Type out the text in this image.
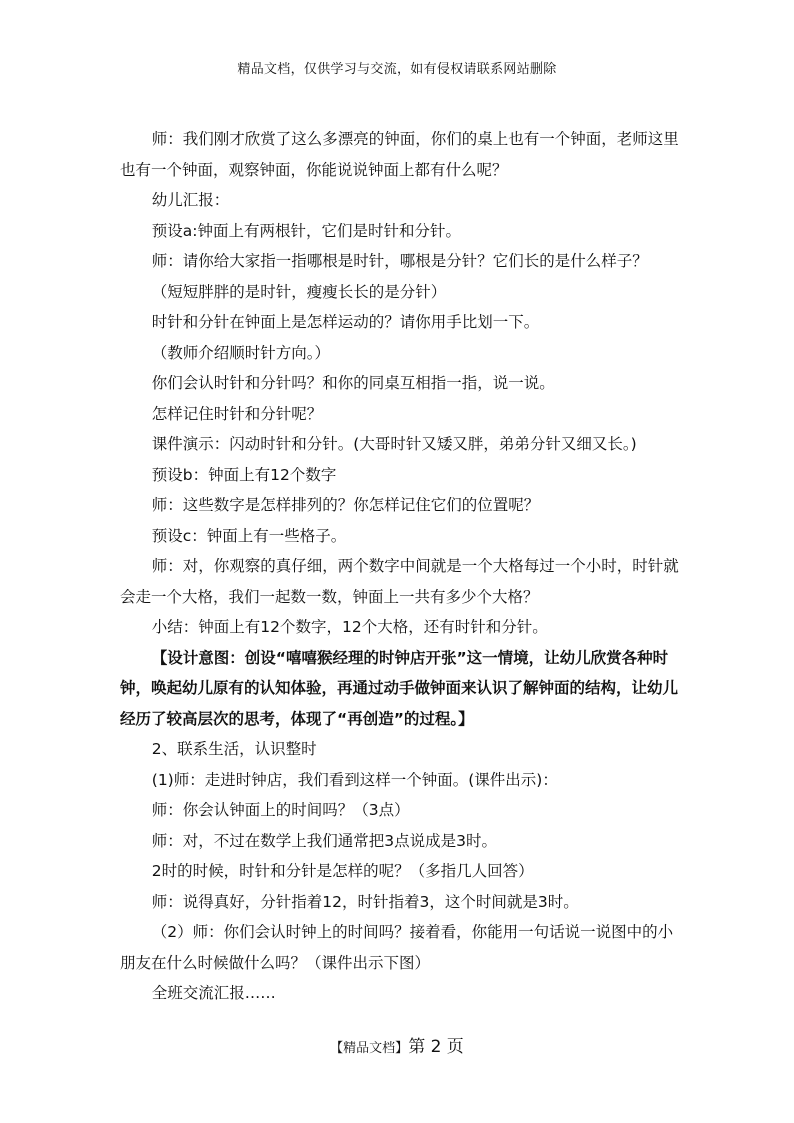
精品文档，仅供学习与交流，如有侵权请联系网站删除

师：我们刚才欣赏了这么多漂亮的钟面，你们的桌上也有一个钟面，老师这里也有一个钟面，观察钟面，你能说说钟面上都有什么呢？

幼儿汇报：

预设a:钟面上有两根针，它们是时针和分针。

师：请你给大家指一指哪根是时针，哪根是分针？它们长的是什么样子？

（短短胖胖的是时针，瘦瘦长长的是分针）

时针和分针在钟面上是怎样运动的？请你用手比划一下。

（教师介绍顺时针方向。）

你们会认时针和分针吗？和你的同桌互相指一指，说一说。

怎样记住时针和分针呢？

课件演示：闪动时针和分针。(大哥时针又矮又胖，弟弟分针又细又长。)

预设b：钟面上有12个数字

师：这些数字是怎样排列的？你怎样记住它们的位置呢？

预设c：钟面上有一些格子。

师：对，你观察的真仔细，两个数字中间就是一个大格每过一个小时，时针就会走一个大格，我们一起数一数，钟面上一共有多少个大格？

小结：钟面上有12个数字，12个大格，还有时针和分针。

【设计意图：创设“嘻嘻猴经理的时钟店开张”这一情境，让幼儿欣赏各种时钟，唤起幼儿原有的认知体验，再通过动手做钟面来认识了解钟面的结构，让幼儿经历了较高层次的思考，体现了“再创造”的过程。】

2、联系生活，认识整时

(1)师：走进时钟店，我们看到这样一个钟面。(课件出示)：

师：你会认钟面上的时间吗？（3点）

师：对，不过在数学上我们通常把3点说成是3时。

2时的时候，时针和分针是怎样的呢？（多指几人回答）

师：说得真好，分针指着12，时针指着3，这个时间就是3时。

（2）师：你们会认时钟上的时间吗？接着看，你能用一句话说一说图中的小朋友在什么时候做什么吗？（课件出示下图）

全班交流汇报……

【精品文档】第 2 页
